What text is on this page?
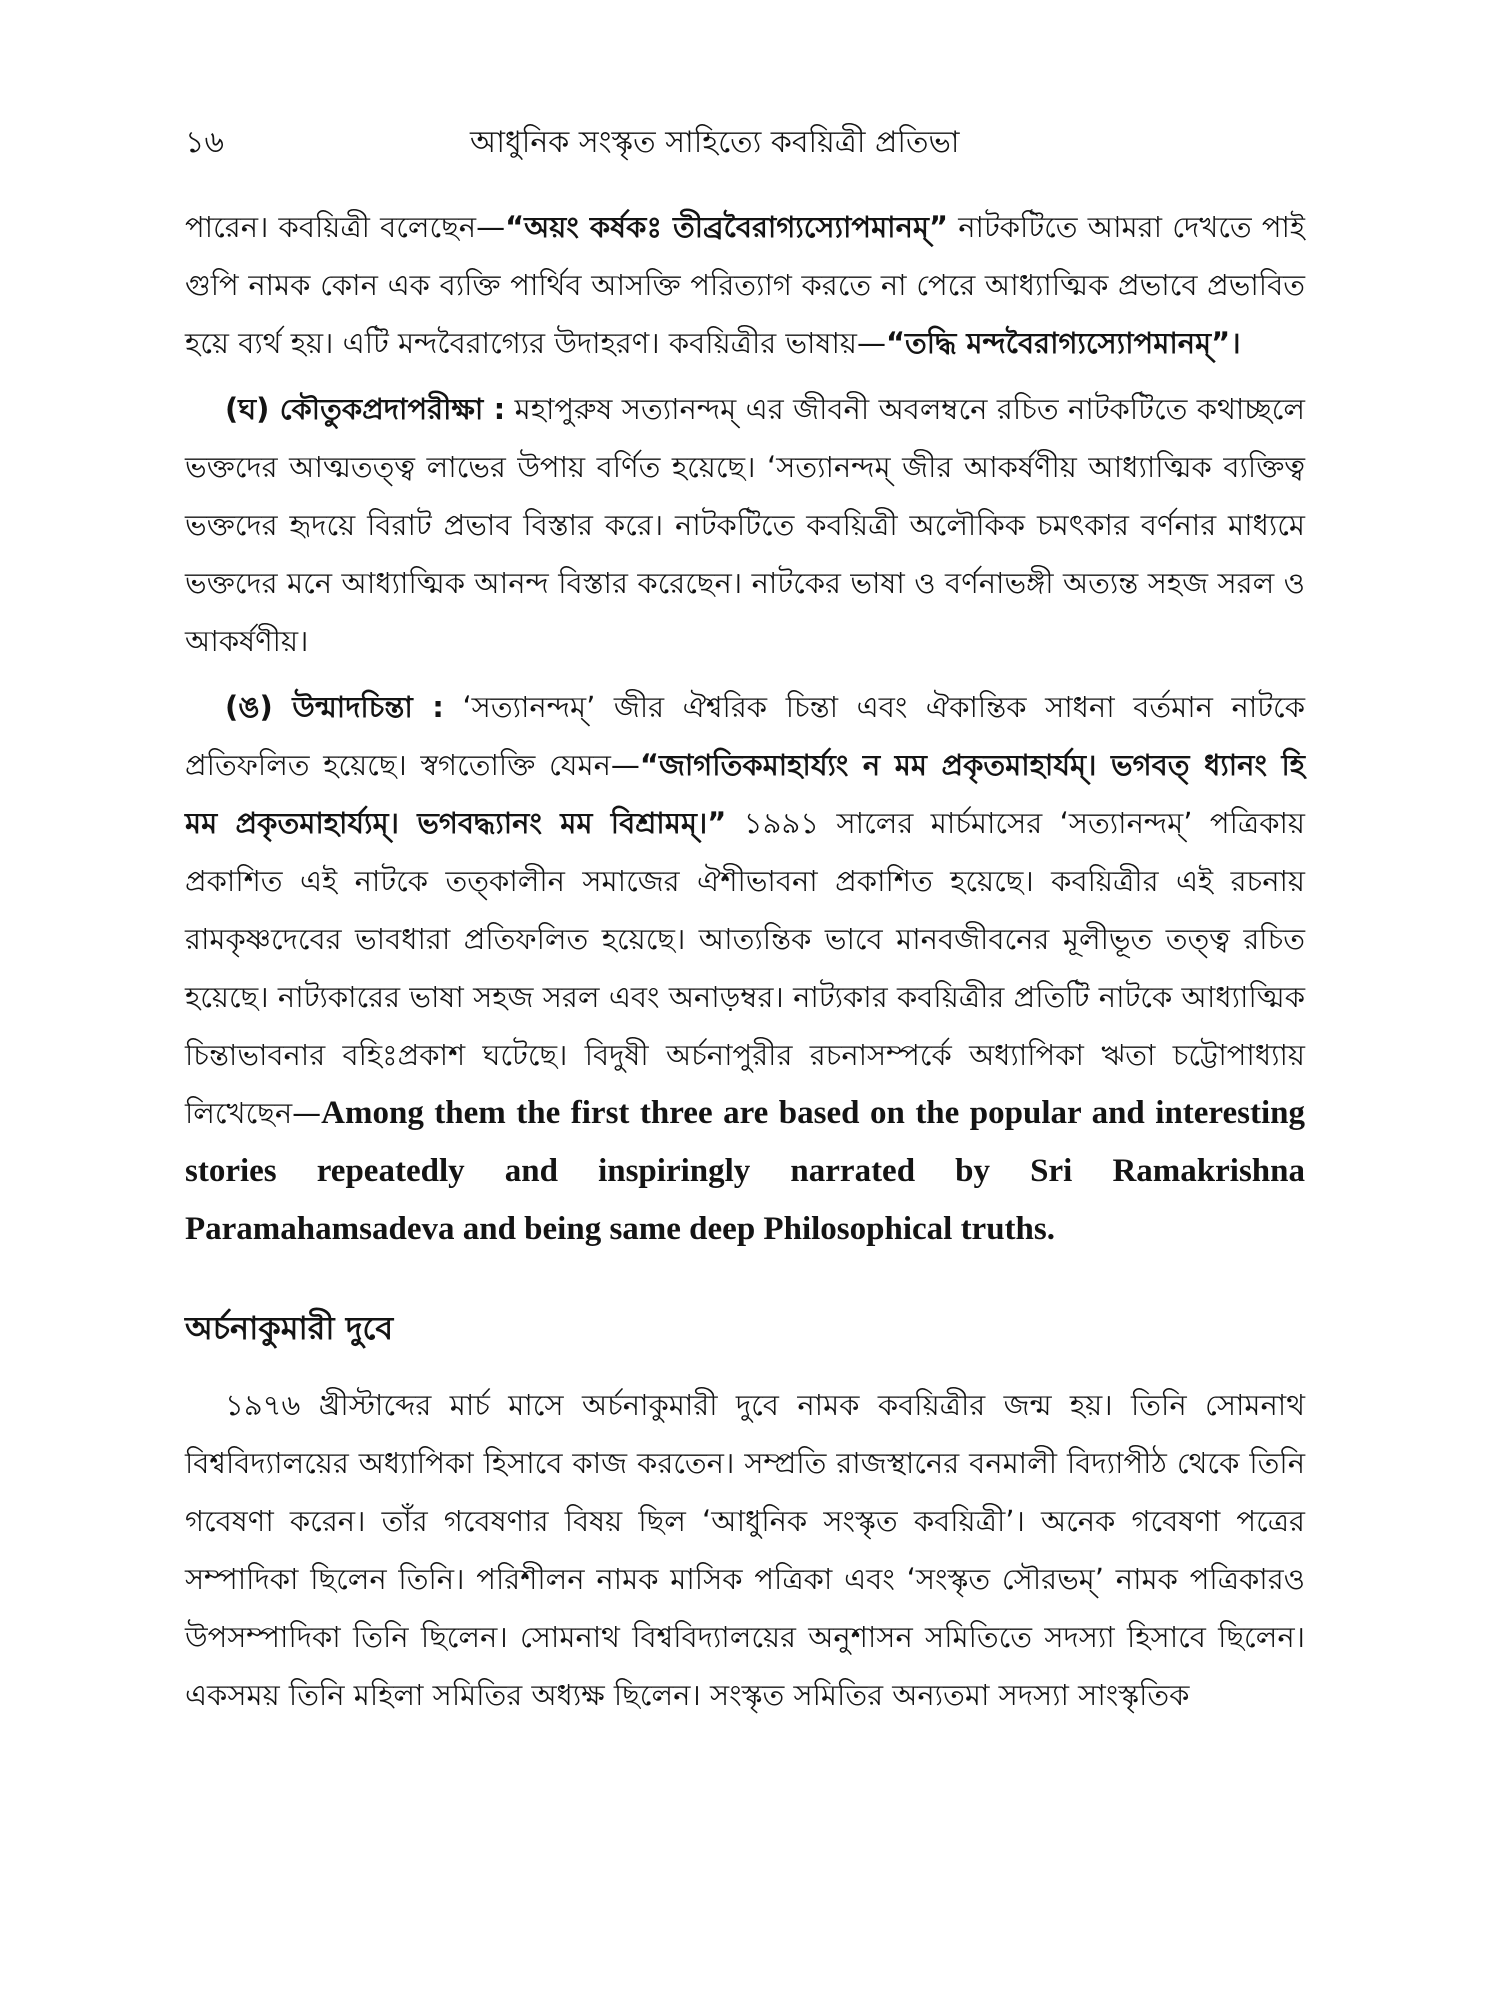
১৬	আধুনিক সংস্কৃত সাহিত্যে কবয়িত্রী প্রতিভা

পারেন। কবয়িত্রী বলেছেন—“অয়ং কর্ষকঃ তীব্রবৈরাগ্যস্যোপমানম্” নাটকটিতে আমরা দেখতে পাই গুপি নামক কোন এক ব্যক্তি পার্থিব আসক্তি পরিত্যাগ করতে না পেরে আধ্যাত্মিক প্রভাবে প্রভাবিত হয়ে ব্যর্থ হয়। এটি মন্দবৈরাগ্যের উদাহরণ। কবয়িত্রীর ভাষায়—“তদ্ধি মন্দবৈরাগ্যস্যোপমানম্”।

(ঘ) কৌতুকপ্রদাপরীক্ষা : মহাপুরুষ সত্যানন্দম্ এর জীবনী অবলম্বনে রচিত নাটকটিতে কথাচ্ছলে ভক্তদের আত্মতত্ত্ব লাভের উপায় বর্ণিত হয়েছে। ‘সত্যানন্দম্ জীর আকর্ষণীয় আধ্যাত্মিক ব্যক্তিত্ব ভক্তদের হৃদয়ে বিরাট প্রভাব বিস্তার করে। নাটকটিতে কবয়িত্রী অলৌকিক চমৎকার বর্ণনার মাধ্যমে ভক্তদের মনে আধ্যাত্মিক আনন্দ বিস্তার করেছেন। নাটকের ভাষা ও বর্ণনাভঙ্গী অত্যন্ত সহজ সরল ও আকর্ষণীয়।

(ঙ) উন্মাদচিন্তা : ‘সত্যানন্দম্’ জীর ঐশ্বরিক চিন্তা এবং ঐকান্তিক সাধনা বর্তমান নাটকে প্রতিফলিত হয়েছে। স্বগতোক্তি যেমন—“জাগতিকমাহার্য্যং ন মম প্রকৃতমাহার্যম্। ভগবত্ ধ্যানং হি মম প্রকৃতমাহার্য্যম্। ভগবদ্ধ্যানং মম বিশ্রামম্।” ১৯৯১ সালের মার্চমাসের ‘সত্যানন্দম্’ পত্রিকায় প্রকাশিত এই নাটকে তত্কালীন সমাজের ঐশীভাবনা প্রকাশিত হয়েছে। কবয়িত্রীর এই রচনায় রামকৃষ্ণদেবের ভাবধারা প্রতিফলিত হয়েছে। আত্যন্তিক ভাবে মানবজীবনের মূলীভূত তত্ত্ব রচিত হয়েছে। নাট্যকারের ভাষা সহজ সরল এবং অনাড়ম্বর। নাট্যকার কবয়িত্রীর প্রতিটি নাটকে আধ্যাত্মিক চিন্তাভাবনার বহিঃপ্রকাশ ঘটেছে। বিদুষী অর্চনাপুরীর রচনাসম্পর্কে অধ্যাপিকা ঋতা চট্টোপাধ্যায় লিখেছেন—Among them the first three are based on the popular and interesting stories repeatedly and inspiringly narrated by Sri Ramakrishna Paramahamsadeva and being same deep Philosophical truths.

অর্চনাকুমারী দুবে

১৯৭৬ খ্রীস্টাব্দের মার্চ মাসে অর্চনাকুমারী দুবে নামক কবয়িত্রীর জন্ম হয়। তিনি সোমনাথ বিশ্ববিদ্যালয়ের অধ্যাপিকা হিসাবে কাজ করতেন। সম্প্রতি রাজস্থানের বনমালী বিদ্যাপীঠ থেকে তিনি গবেষণা করেন। তাঁর গবেষণার বিষয় ছিল ‘আধুনিক সংস্কৃত কবয়িত্রী’। অনেক গবেষণা পত্রের সম্পাদিকা ছিলেন তিনি। পরিশীলন নামক মাসিক পত্রিকা এবং ‘সংস্কৃত সৌরভম্’ নামক পত্রিকারও উপসম্পাদিকা তিনি ছিলেন। সোমনাথ বিশ্ববিদ্যালয়ের অনুশাসন সমিতিতে সদস্যা হিসাবে ছিলেন। একসময় তিনি মহিলা সমিতির অধ্যক্ষ ছিলেন। সংস্কৃত সমিতির অন্যতমা সদস্যা সাংস্কৃতিক
